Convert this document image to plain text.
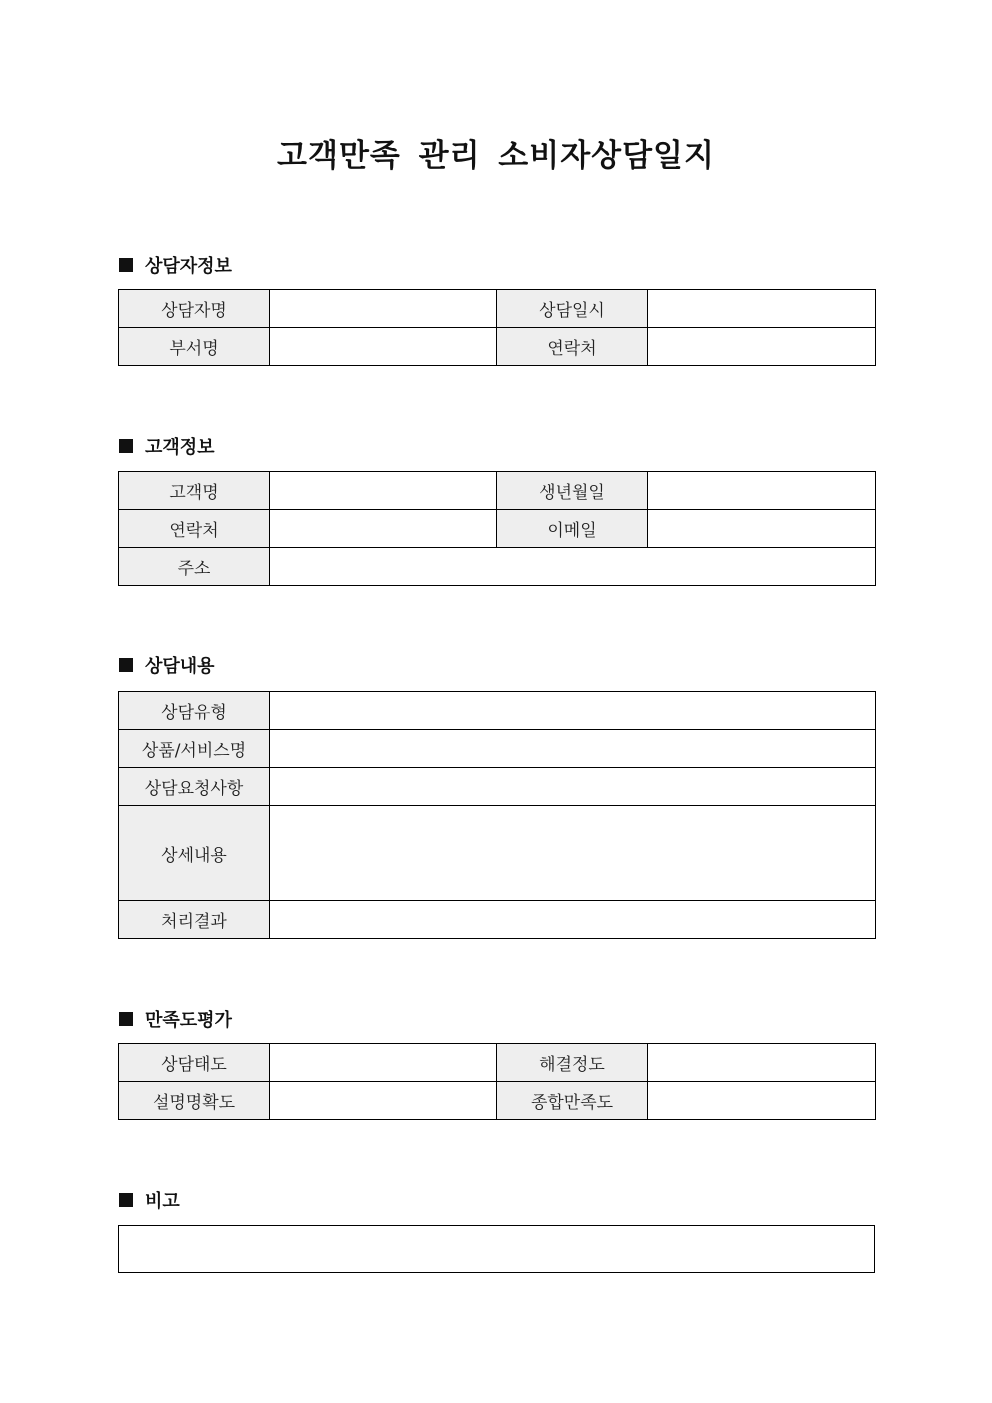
고객만족 관리 소비자상담일지
상담자정보
상담자명		상담일시	
부서명		연락처	
고객정보
고객명		생년월일	
연락처		이메일	
주소			
상담내용
상담유형	
상품/서비스명	
상담요청사항	
상세내용	
처리결과	
만족도평가
상담태도		해결정도	
설명명확도		종합만족도	
비고
